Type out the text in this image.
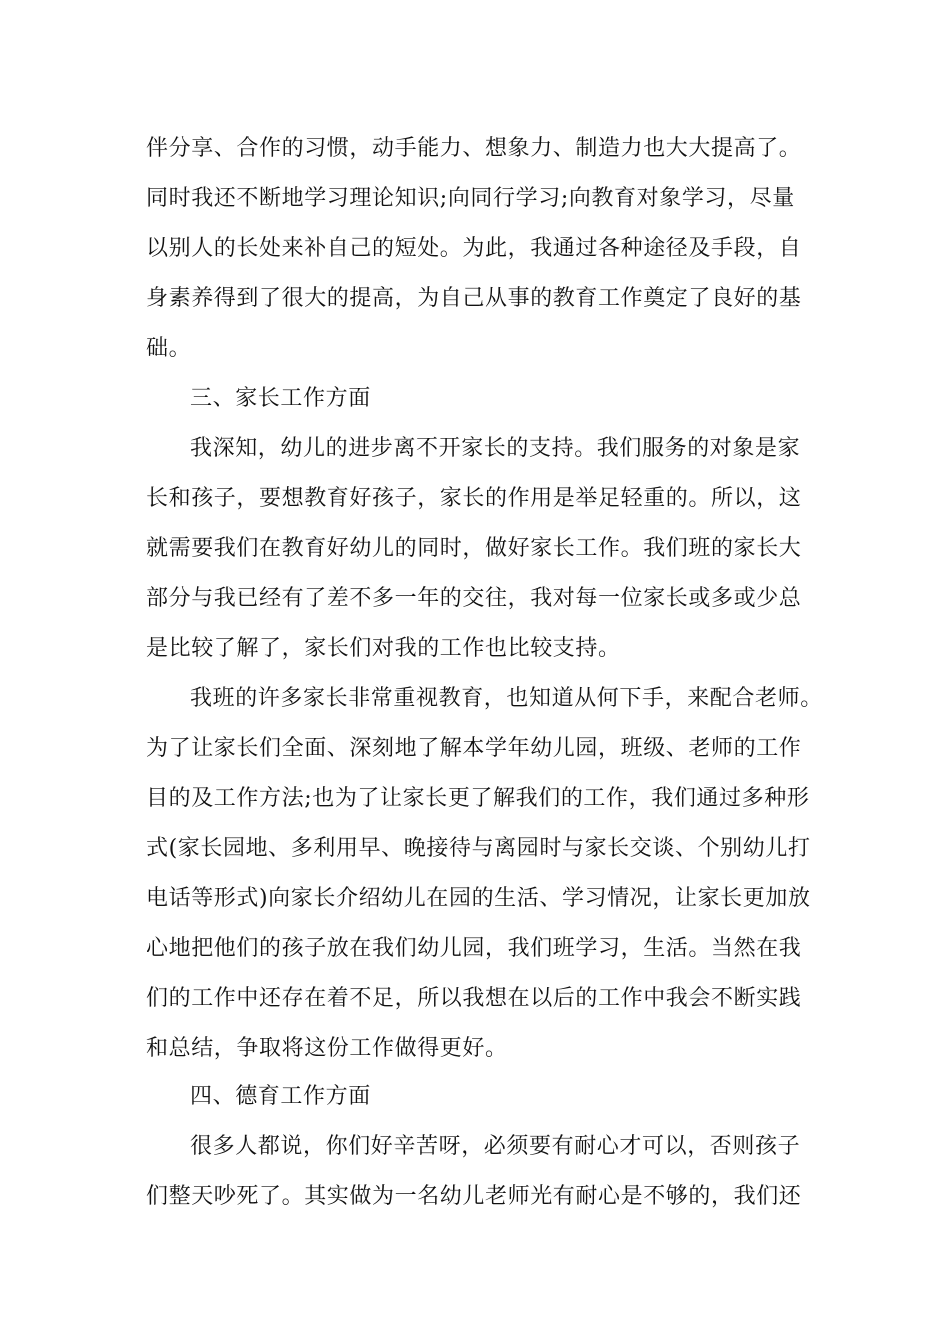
伴分享、合作的习惯，动手能力、想象力、制造力也大大提高了。
同时我还不断地学习理论知识;向同行学习;向教育对象学习，尽量
以别人的长处来补自己的短处。为此，我通过各种途径及手段，自
身素养得到了很大的提高，为自己从事的教育工作奠定了良好的基
础。
三、家长工作方面
我深知，幼儿的进步离不开家长的支持。我们服务的对象是家
长和孩子，要想教育好孩子，家长的作用是举足轻重的。所以，这
就需要我们在教育好幼儿的同时，做好家长工作。我们班的家长大
部分与我已经有了差不多一年的交往，我对每一位家长或多或少总
是比较了解了，家长们对我的工作也比较支持。
我班的许多家长非常重视教育，也知道从何下手，来配合老师。
为了让家长们全面、深刻地了解本学年幼儿园，班级、老师的工作
目的及工作方法;也为了让家长更了解我们的工作，我们通过多种形
式(家长园地、多利用早、晚接待与离园时与家长交谈、个别幼儿打
电话等形式)向家长介绍幼儿在园的生活、学习情况，让家长更加放
心地把他们的孩子放在我们幼儿园，我们班学习，生活。当然在我
们的工作中还存在着不足，所以我想在以后的工作中我会不断实践
和总结，争取将这份工作做得更好。
四、德育工作方面
很多人都说，你们好辛苦呀，必须要有耐心才可以，否则孩子
们整天吵死了。其实做为一名幼儿老师光有耐心是不够的，我们还
